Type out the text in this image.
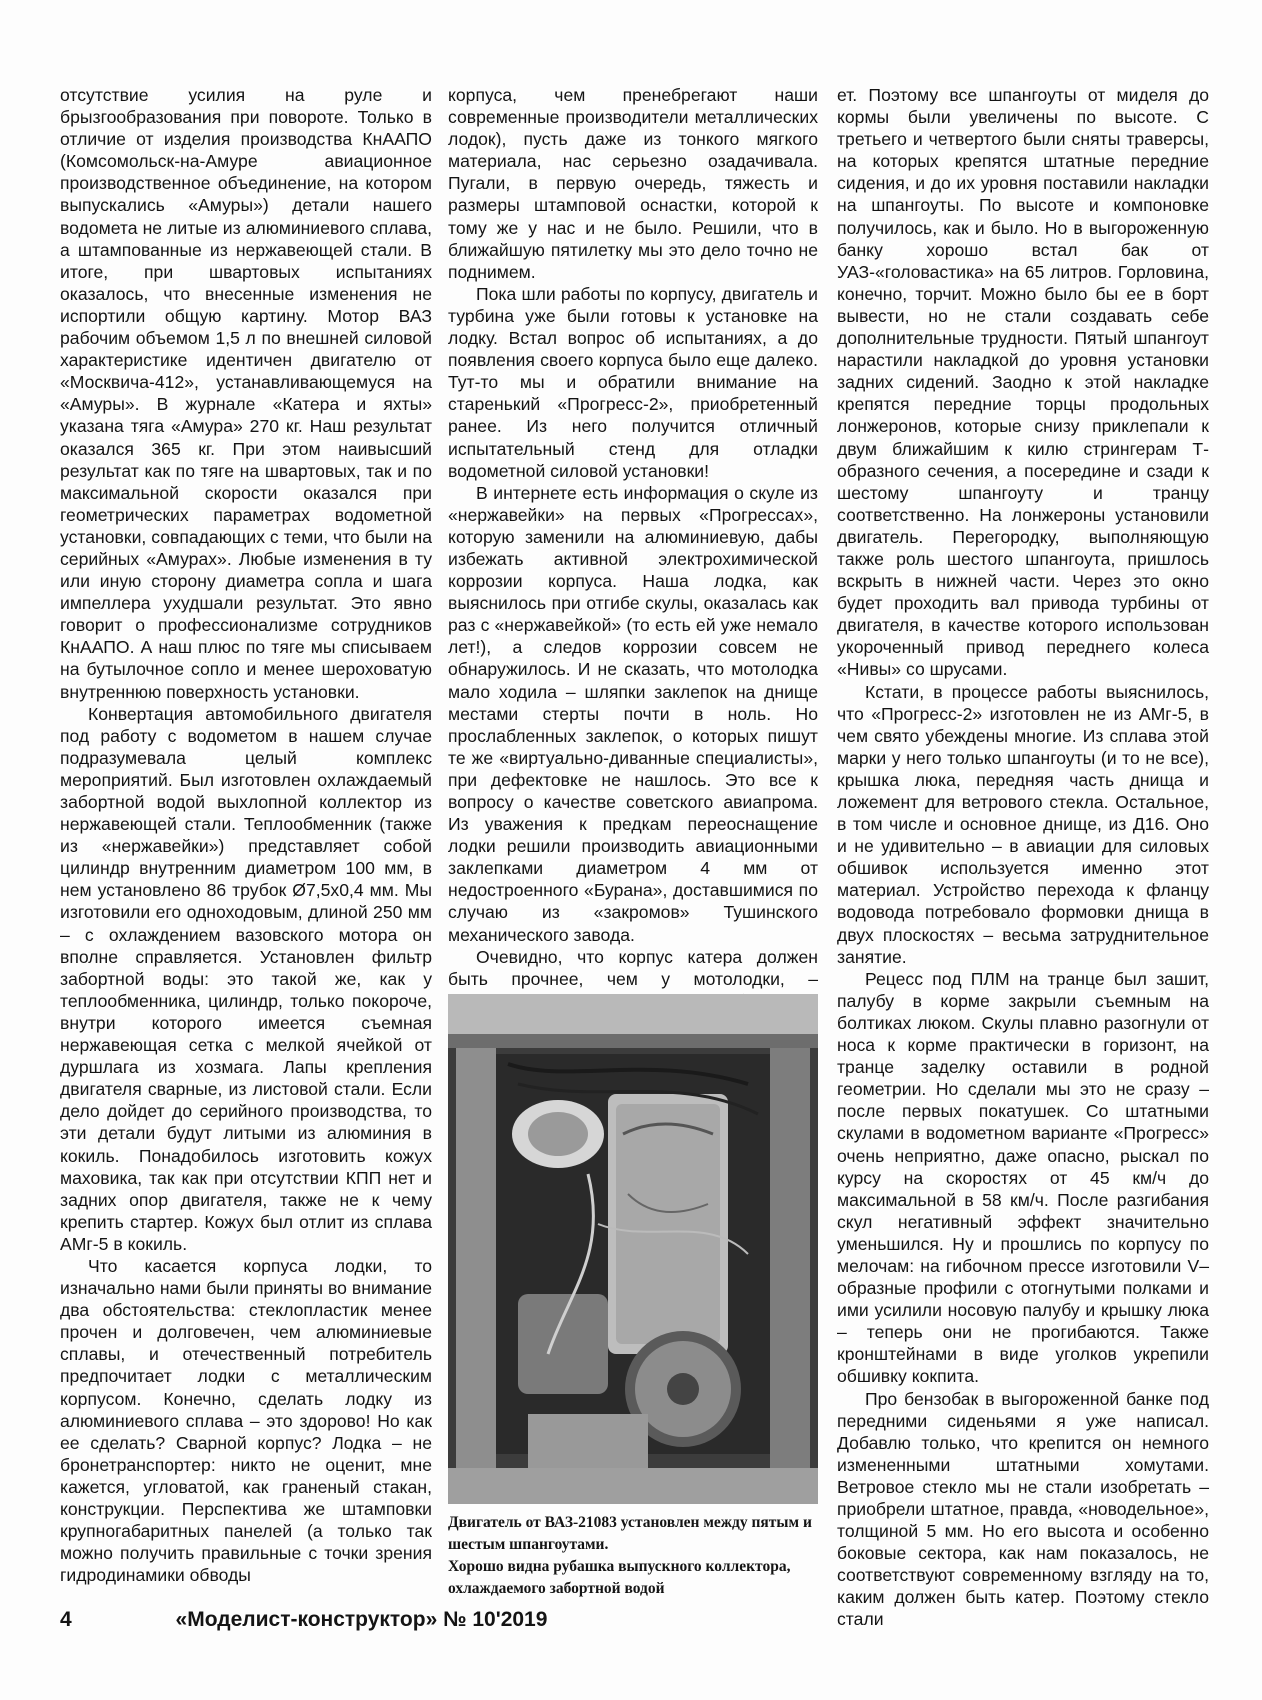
отсутствие усилия на руле и брызгообразования при повороте. Только в отличие от изделия производства КнААПО (Комсомольск-на-Амуре авиационное производственное объединение, на котором выпускались «Амуры») детали нашего водомета не литые из алюминиевого сплава, а штампованные из нержавеющей стали. В итоге, при швартовых испытаниях оказалось, что внесенные изменения не испортили общую картину. Мотор ВАЗ рабочим объемом 1,5 л по внешней силовой характеристике идентичен двигателю от «Москвича-412», устанавливающемуся на «Амуры». В журнале «Катера и яхты» указана тяга «Амура» 270 кг. Наш результат оказался 365 кг. При этом наивысший результат как по тяге на швартовых, так и по максимальной скорости оказался при геометрических параметрах водометной установки, совпадающих с теми, что были на серийных «Амурах». Любые изменения в ту или иную сторону диаметра сопла и шага импеллера ухудшали результат. Это явно говорит о профессионализме сотрудников КнААПО. А наш плюс по тяге мы списываем на бутылочное сопло и менее шероховатую внутреннюю поверхность установки.

Конвертация автомобильного двигателя под работу с водометом в нашем случае подразумевала целый комплекс мероприятий. Был изготовлен охлаждаемый забортной водой выхлопной коллектор из нержавеющей стали. Теплообменник (также из «нержавейки») представляет собой цилиндр внутренним диаметром 100 мм, в нем установлено 86 трубок Ø7,5х0,4 мм. Мы изготовили его одноходовым, длиной 250 мм – с охлаждением вазовского мотора он вполне справляется. Установлен фильтр забортной воды: это такой же, как у теплообменника, цилиндр, только покороче, внутри которого имеется съемная нержавеющая сетка с мелкой ячейкой от дуршлага из хозмага. Лапы крепления двигателя сварные, из листовой стали. Если дело дойдет до серийного производства, то эти детали будут литыми из алюминия в кокиль. Понадобилось изготовить кожух маховика, так как при отсутствии КПП нет и задних опор двигателя, также не к чему крепить стартер. Кожух был отлит из сплава АМг-5 в кокиль.

Что касается корпуса лодки, то изначально нами были приняты во внимание два обстоятельства: стеклопластик менее прочен и долговечен, чем алюминиевые сплавы, и отечественный потребитель предпочитает лодки с металлическим корпусом. Конечно, сделать лодку из алюминиевого сплава – это здорово! Но как ее сделать? Сварной корпус? Лодка – не бронетранспортер: никто не оценит, мне кажется, угловатой, как граненый стакан, конструкции. Перспектива же штамповки крупногабаритных панелей (а только так можно получить правильные с точки зрения гидродинамики обводы

корпуса, чем пренебрегают наши современные производители металлических лодок), пусть даже из тонкого мягкого материала, нас серьезно озадачивала. Пугали, в первую очередь, тяжесть и размеры штамповой оснастки, которой к тому же у нас и не было. Решили, что в ближайшую пятилетку мы это дело точно не поднимем.

Пока шли работы по корпусу, двигатель и турбина уже были готовы к установке на лодку. Встал вопрос об испытаниях, а до появления своего корпуса было еще далеко. Тут-то мы и обратили внимание на старенький «Прогресс-2», приобретенный ранее. Из него получится отличный испытательный стенд для отладки водометной силовой установки!

В интернете есть информация о скуле из «нержавейки» на первых «Прогрессах», которую заменили на алюминиевую, дабы избежать активной электрохимической коррозии корпуса. Наша лодка, как выяснилось при отгибе скулы, оказалась как раз с «нержавейкой» (то есть ей уже немало лет!), а следов коррозии совсем не обнаружилось. И не сказать, что мотолодка мало ходила – шляпки заклепок на днище местами стерты почти в ноль. Но прослабленных заклепок, о которых пишут те же «виртуально-диванные специалисты», при дефектовке не нашлось. Это все к вопросу о качестве советского авиапрома. Из уважения к предкам переоснащение лодки решили производить авиационными заклепками диаметром 4 мм от недостроенного «Бурана», доставшимися по случаю из «закромов» Тушинского механического завода.

Очевидно, что корпус катера должен быть прочнее, чем у мотолодки, –

ет. Поэтому все шпангоуты от миделя до кормы были увеличены по высоте. С третьего и четвертого были сняты траверсы, на которых крепятся штатные передние сидения, и до их уровня поставили накладки на шпангоуты. По высоте и компоновке получилось, как и было. Но в выгороженную банку хорошо встал бак от УАЗ-«головастика» на 65 литров. Горловина, конечно, торчит. Можно было бы ее в борт вывести, но не стали создавать себе дополнительные трудности. Пятый шпангоут нарастили накладкой до уровня установки задних сидений. Заодно к этой накладке крепятся передние торцы продольных лонжеронов, которые снизу приклепали к двум ближайшим к килю стрингерам Т-образного сечения, а посередине и сзади к шестому шпангоуту и транцу соответственно. На лонжероны установили двигатель. Перегородку, выполняющую также роль шестого шпангоута, пришлось вскрыть в нижней части. Через это окно будет проходить вал привода турбины от двигателя, в качестве которого использован укороченный привод переднего колеса «Нивы» со шрусами.

Кстати, в процессе работы выяснилось, что «Прогресс-2» изготовлен не из АМг-5, в чем свято убеждены многие. Из сплава этой марки у него только шпангоуты (и то не все), крышка люка, передняя часть днища и ложемент для ветрового стекла. Остальное, в том числе и основное днище, из Д16. Оно и не удивительно – в авиации для силовых обшивок используется именно этот материал. Устройство перехода к фланцу водовода потребовало формовки днища в двух плоскостях – весьма затруднительное занятие.

Рецесс под ПЛМ на транце был зашит, палубу в корме закрыли съемным на болтиках люком. Скулы плавно разогнули от носа к корме практически в горизонт, на транце заделку оставили в родной геометрии. Но сделали мы это не сразу – после первых покатушек. Со штатными скулами в водометном варианте «Прогресс» очень неприятно, даже опасно, рыскал по курсу на скоростях от 45 км/ч до максимальной в 58 км/ч. После разгибания скул негативный эффект значительно уменьшился. Ну и прошлись по корпусу по мелочам: на гибочном прессе изготовили V–образные профили с отогнутыми полками и ими усилили носовую палубу и крышку люка – теперь они не прогибаются. Также кронштейнами в виде уголков укрепили обшивку кокпита.

Про бензобак в выгороженной банке под передними сиденьями я уже написал. Добавлю только, что крепится он немного измененными штатными хомутами. Ветровое стекло мы не стали изобретать – приобрели штатное, правда, «новодельное», толщиной 5 мм. Но его высота и особенно боковые сектора, как нам показалось, не соответствуют современному взгляду на то, каким должен быть катер. Поэтому стекло стали

Двигатель от ВАЗ-21083 установлен между пятым и шестым шпангоутами.

Хорошо видна рубашка выпускного коллектора, охлаждаемого забортной водой

4	«Моделист-конструктор» № 10'2019
